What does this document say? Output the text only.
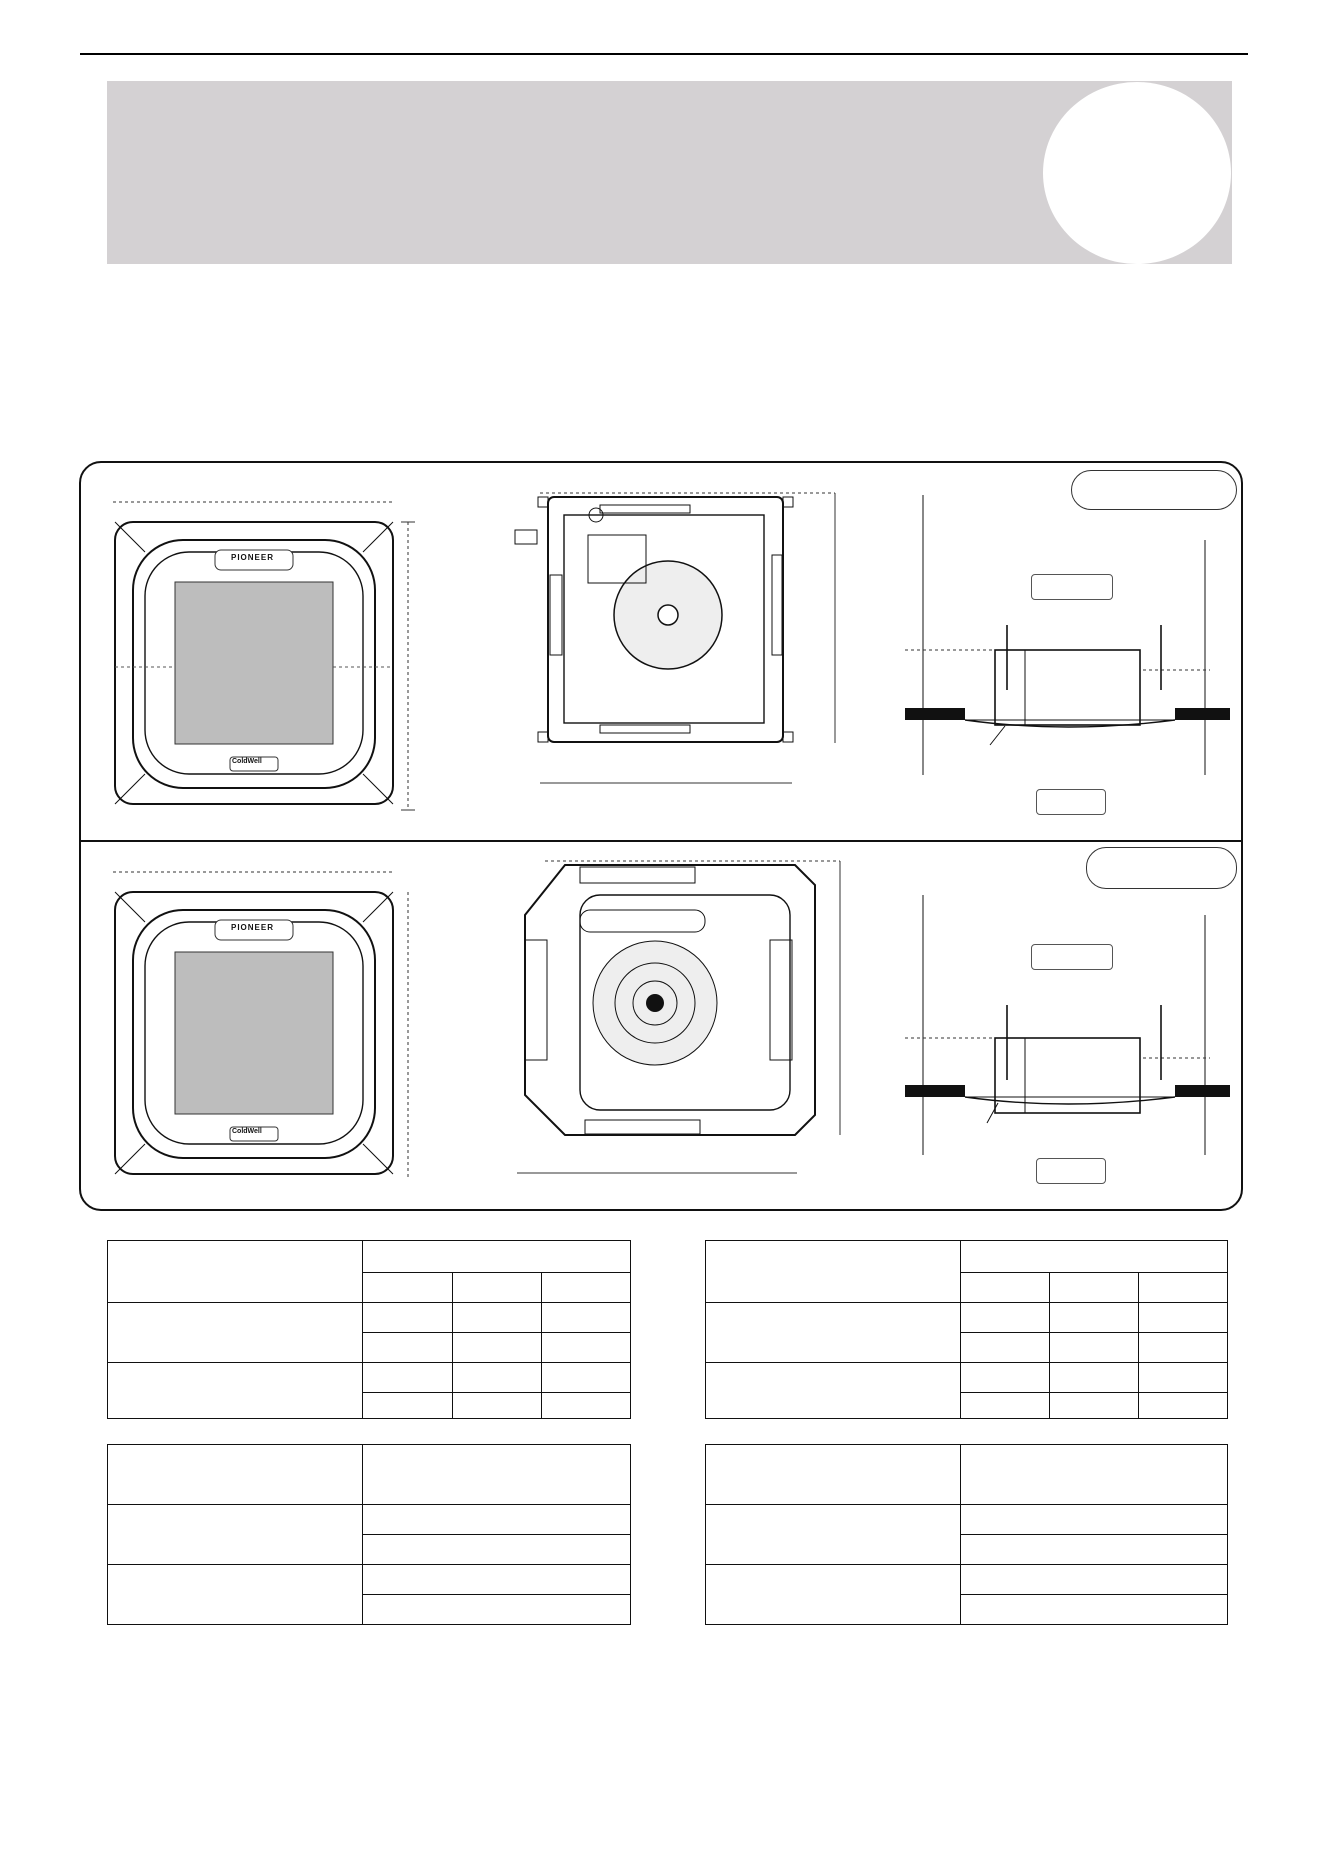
PIONEER
ColdWell
PIONEER
ColdWell
